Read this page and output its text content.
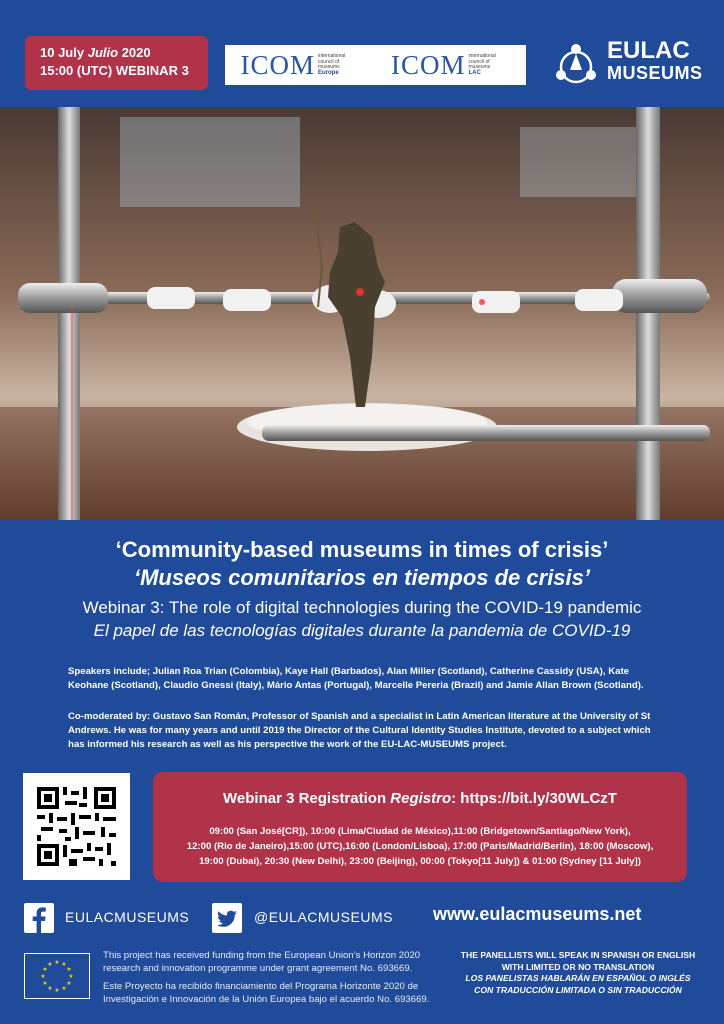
10 July Julio 2020
15:00 (UTC) WEBINAR 3	ICOM international council of museums
Europe	ICOM international council of museums
LAC
EULAC
MUSEUMS
‘Community-based museums in times of crisis’
‘Museos comunitarios en tiempos de crisis’
Webinar 3: The role of digital technologies during the COVID-19 pandemic
El papel de las tecnologías digitales durante la pandemia de COVID-19
Speakers include; Julian Roa Trian (Colombia), Kaye Hall (Barbados), Alan Miller (Scotland), Catherine Cassidy (USA), Kate Keohane (Scotland), Claudio Gnessi (Italy), Mário Antas (Portugal), Marcelle Pereria (Brazil) and Jamie Allan Brown (Scotland).
Co-moderated by: Gustavo San Román, Professor of Spanish and a specialist in Latin American literature at the University of St Andrews. He was for many years and until 2019 the Director of the Cultural Identity Studies Institute, devoted to a subject which has informed his research as well as his perspective the work of the EU-LAC-MUSEUMS project.
Webinar 3 Registration Registro: https://bit.ly/30WLCzT
09:00 (San José[CR]), 10:00 (Lima/Ciudad de México),11:00 (Bridgetown/Santiago/New York),
12:00 (Rio de Janeiro),15:00 (UTC),16:00 (London/Lisboa), 17:00 (Paris/Madrid/Berlin), 18:00 (Moscow),
19:00 (Dubai), 20:30 (New Delhi), 23:00 (Beijing), 00:00 (Tokyo[11 July]) & 01:00 (Sydney [11 July])
EULACMUSEUMS	@EULACMUSEUMS www.eulacmuseums.net
★ ★
★
★
★
★
★
★
★
★
★
★

This project has received funding from the European Union’s Horizon 2020 research and innovation programme under grant agreement No. 693669.

Este Proyecto ha recibido financiamiento del Programa Horizonte 2020 de Investigación e Innovación de la Unión Europea bajo el acuerdo No. 693669.

THE PANELLISTS WILL SPEAK IN SPANISH OR ENGLISH WITH LIMITED OR NO TRANSLATION
LOS PANELISTAS HABLARÁN EN ESPAÑOL O INGLÉS CON TRADUCCIÓN LIMITADA O SIN TRADUCCIÓN
